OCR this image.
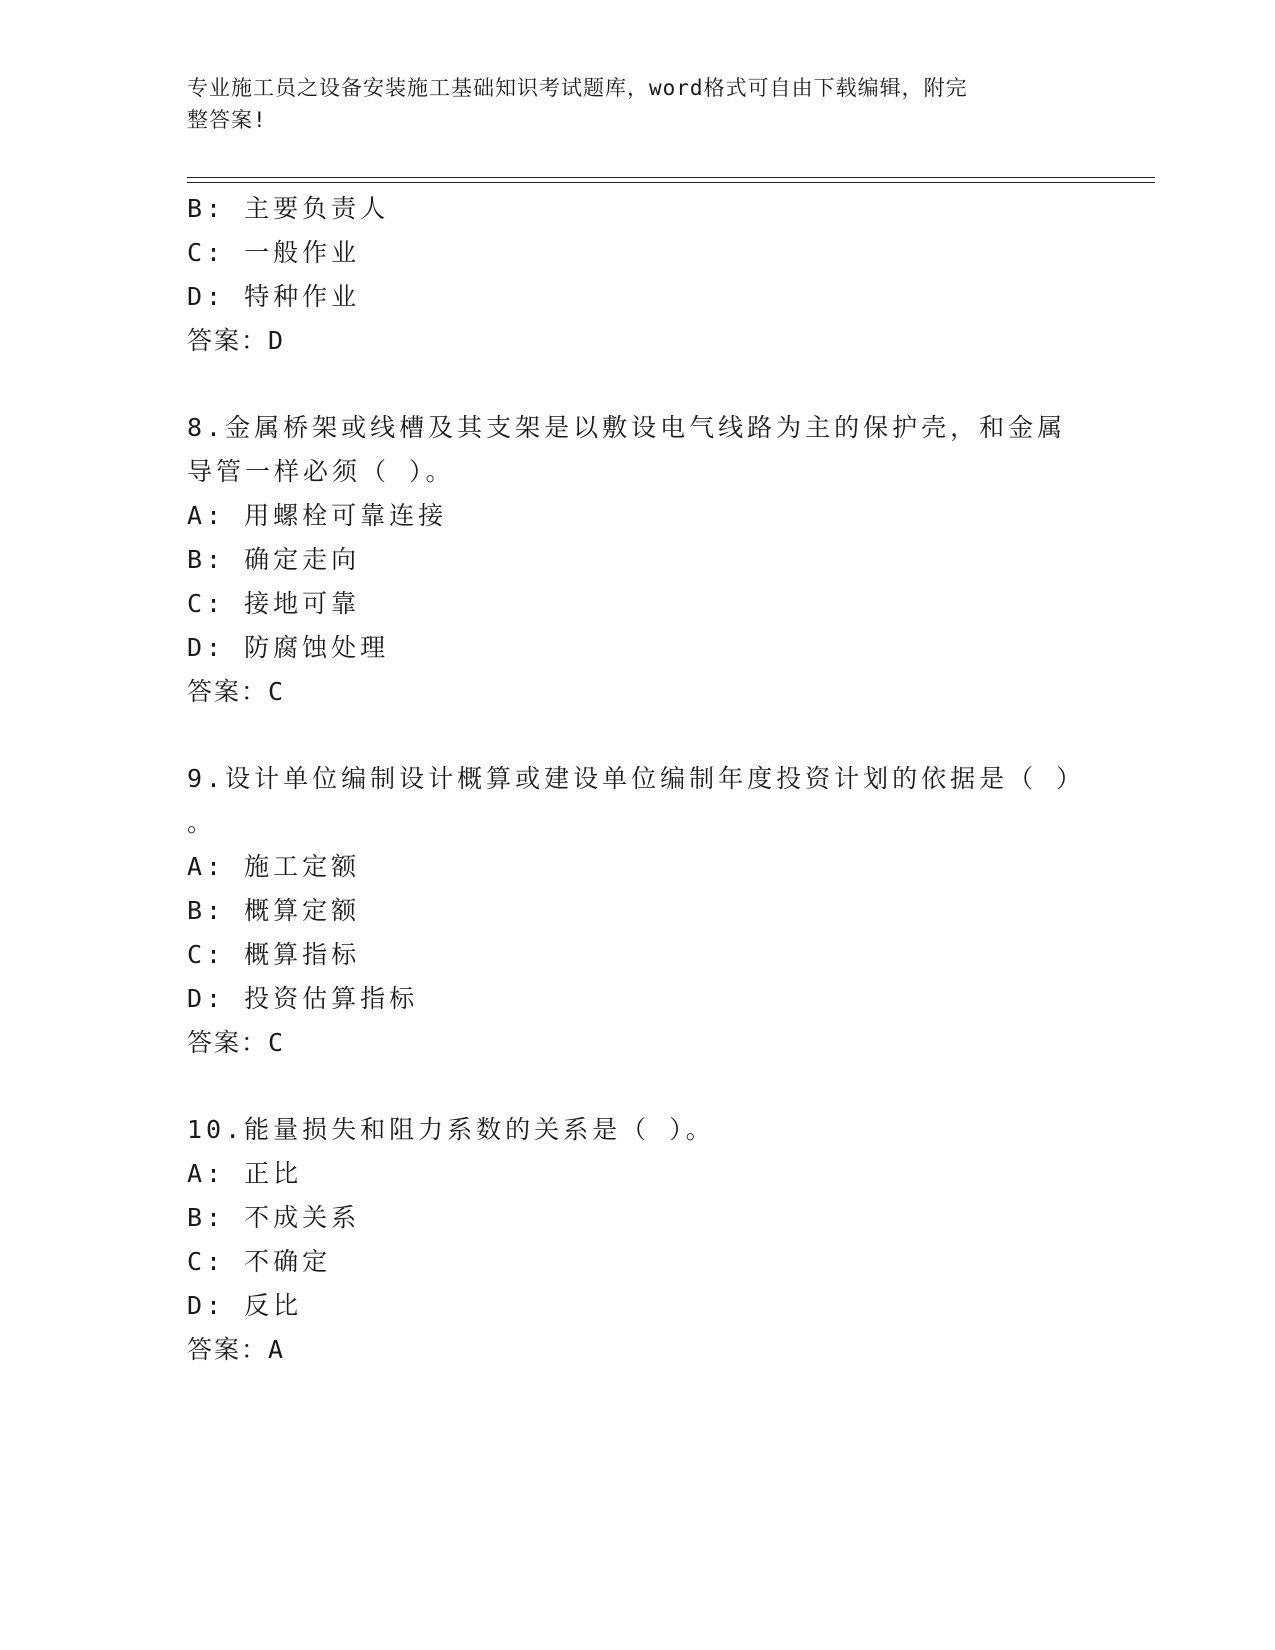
专业施工员之设备安装施工基础知识考试题库，word格式可自由下载编辑，附完
整答案!
B: 主要负责人
C: 一般作业
D: 特种作业
答案：D
8.金属桥架或线槽及其支架是以敷设电气线路为主的保护壳，和金属
导管一样必须（ ）。
A: 用螺栓可靠连接
B: 确定走向
C: 接地可靠
D: 防腐蚀处理
答案：C
9.设计单位编制设计概算或建设单位编制年度投资计划的依据是（ ）
。
A: 施工定额
B: 概算定额
C: 概算指标
D: 投资估算指标
答案：C
10.能量损失和阻力系数的关系是（ ）。
A: 正比
B: 不成关系
C: 不确定
D: 反比
答案：A
